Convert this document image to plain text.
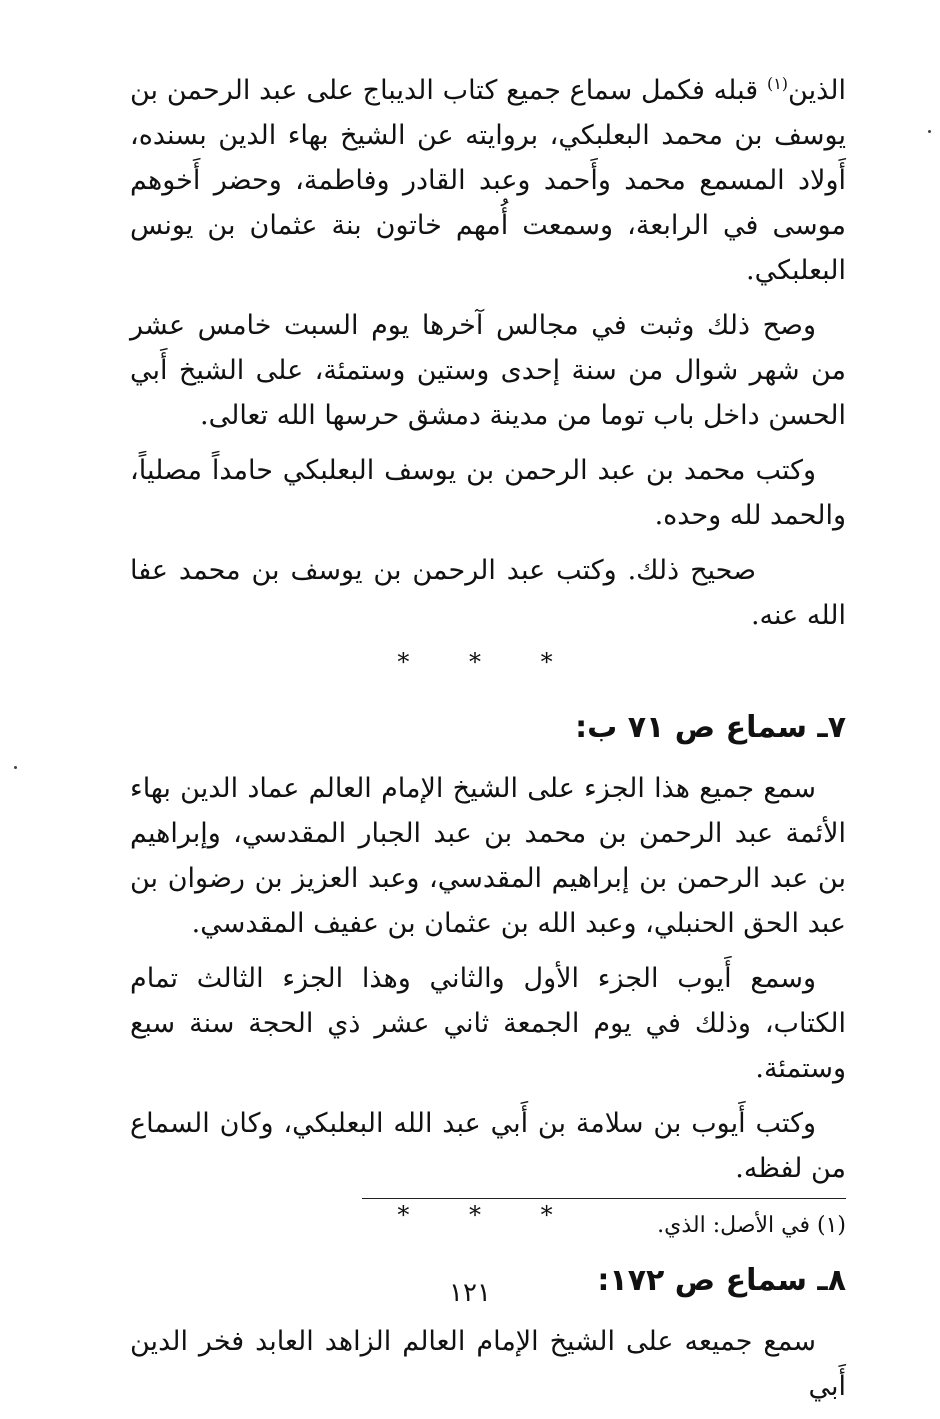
الذين$^{(١)}$ قبله فكمل سماع جميع كتاب الديباج على عبد الرحمن بن يوسف بن محمد البعلبكي، بروايته عن الشيخ بهاء الدين بسنده، أَولاد المسمع محمد وأَحمد وعبد القادر وفاطمة، وحضر أَخوهم موسى في الرابعة، وسمعت أُمهم خاتون بنة عثمان بن يونس البعلبكي.

وصح ذلك وثبت في مجالس آخرها يوم السبت خامس عشر من شهر شوال من سنة إحدى وستين وستمئة، على الشيخ أَبي الحسن داخل باب توما من مدينة دمشق حرسها الله تعالى.

وكتب محمد بن عبد الرحمن بن يوسف البعلبكي حامداً مصلياً، والحمد لله وحده.

صحيح ذلك. وكتب عبد الرحمن بن يوسف بن محمد عفا الله عنه.

* * *
٧ـ سماع ص ٧١ ب:

سمع جميع هذا الجزء على الشيخ الإمام العالم عماد الدين بهاء الأئمة عبد الرحمن بن محمد بن عبد الجبار المقدسي، وإبراهيم بن عبد الرحمن بن إبراهيم المقدسي، وعبد العزيز بن رضوان بن عبد الحق الحنبلي، وعبد الله بن عثمان بن عفيف المقدسي.

وسمع أَيوب الجزء الأول والثاني وهذا الجزء الثالث تمام الكتاب، وذلك في يوم الجمعة ثاني عشر ذي الحجة سنة سبع وستمئة.

وكتب أَيوب بن سلامة بن أَبي عبد الله البعلبكي، وكان السماع من لفظه.

* * *
٨ـ سماع ص ١٧٢:

سمع جميعه على الشيخ الإمام العالم الزاهد العابد فخر الدين أَبي

(١) في الأصل: الذي.
١٢١
